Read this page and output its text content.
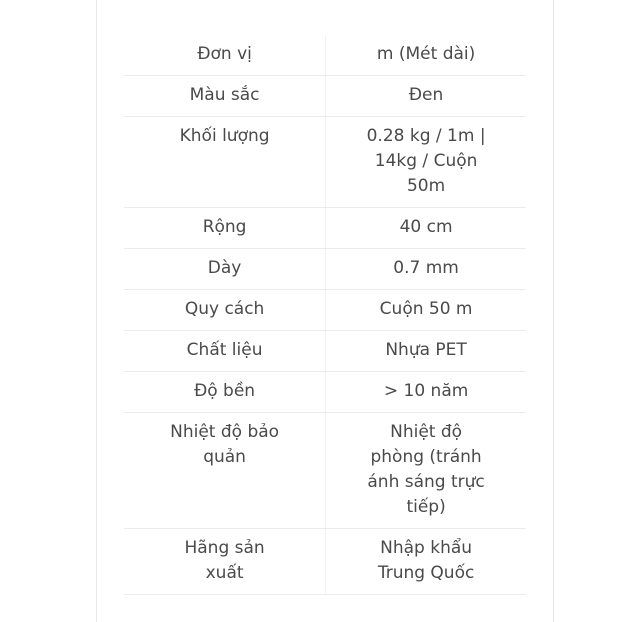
Đơn vị	m (Mét dài)
Màu sắc	Đen
Khối lượng	0.28 kg / 1m | 14kg / Cuộn 50m
Rộng	40 cm
Dày	0.7 mm
Quy cách	Cuộn 50 m
Chất liệu	Nhựa PET
Độ bền	> 10 năm
Nhiệt độ bảo quản	Nhiệt độ phòng (tránh ánh sáng trực tiếp)
Hãng sản xuất	Nhập khẩu Trung Quốc
